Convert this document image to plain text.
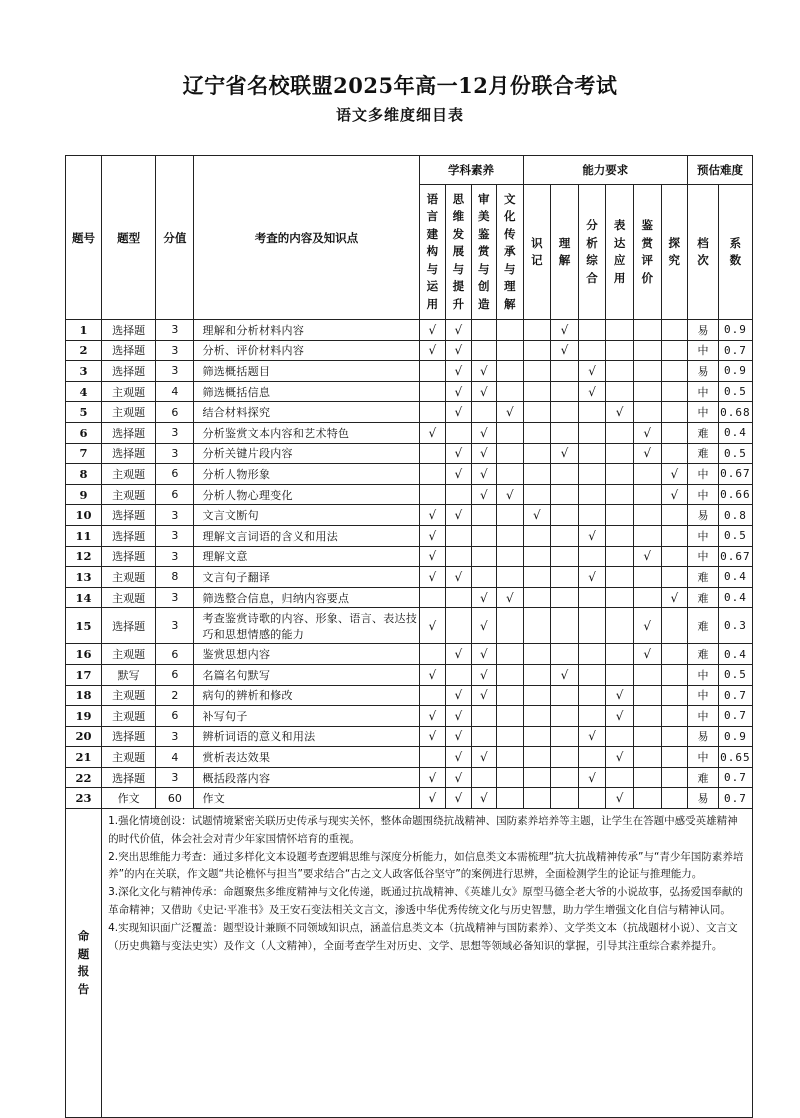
辽宁省名校联盟2025年高一12月份联合考试
语文多维度细目表
题号	题型	分值	考查的内容及知识点	学科素养				能力要求						预估难度	

				语言建构与运用	思维发展与提升	审美鉴赏与创造	文化传承与理解	识记	理解	分析综合	表达应用	鉴赏评价	探究	档次	系数

1	选择题	3	理解和分析材料内容	√	√				√					易	0.9
2	选择题	3	分析、评价材料内容	√	√				√					中	0.7
3	选择题	3	筛选概括题目		√	√				√				易	0.9
4	主观题	4	筛选概括信息		√	√				√				中	0.5
5	主观题	6	结合材料探究		√		√				√			中	0.68
6	选择题	3	分析鉴赏文本内容和艺术特色	√		√						√		难	0.4
7	选择题	3	分析关键片段内容		√	√			√			√		难	0.5
8	主观题	6	分析人物形象		√	√							√	中	0.67
9	主观题	6	分析人物心理变化			√	√						√	中	0.66
10	选择题	3	文言文断句	√	√			√						易	0.8
11	选择题	3	理解文言词语的含义和用法	√						√				中	0.5
12	选择题	3	理解文意	√								√		中	0.67
13	主观题	8	文言句子翻译	√	√					√				难	0.4
14	主观题	3	筛选整合信息，归纳内容要点			√	√						√	难	0.4
15	选择题	3	考查鉴赏诗歌的内容、形象、语言、表达技巧和思想情感的能力	√		√						√		难	0.3
16	主观题	6	鉴赏思想内容		√	√						√		难	0.4
17	默写	6	名篇名句默写	√		√			√					中	0.5
18	主观题	2	病句的辨析和修改		√	√					√			中	0.7
19	主观题	6	补写句子	√	√						√			中	0.7
20	选择题	3	辨析词语的意义和用法	√	√					√				易	0.9
21	主观题	4	赏析表达效果		√	√					√			中	0.65
22	选择题	3	概括段落内容	√	√					√				难	0.7
23	作文	60	作文	√	√	√					√			易	0.7

命题报告	1.强化情境创设：试题情境紧密关联历史传承与现实关怀，整体命题围绕抗战精神、国防素养培养等主题，让学生在答题中感受英雄精神的时代价值，体会社会对青少年家国情怀培育的重视。

2.突出思维能力考查：通过多样化文本设题考查逻辑思维与深度分析能力，如信息类文本需梳理“抗大抗战精神传承”与“青少年国防素养培养”的内在关联，作文题“共论樵怀与担当”要求结合“古之文人政客低谷坚守”的案例进行思辨，全面检测学生的论证与推理能力。

3.深化文化与精神传承：命题聚焦多维度精神与文化传递，既通过抗战精神、《英雄儿女》原型马德全老大爷的小说故事，弘扬爱国奉献的革命精神；又借助《史记·平准书》及王安石变法相关文言文，渗透中华优秀传统文化与历史智慧，助力学生增强文化自信与精神认同。

4.实现知识面广泛覆盖：题型设计兼顾不同领域知识点，涵盖信息类文本（抗战精神与国防素养）、文学类文本（抗战题材小说）、文言文（历史典籍与变法史实）及作文（人文精神），全面考查学生对历史、文学、思想等领域必备知识的掌握，引导其注重综合素养提升。														
